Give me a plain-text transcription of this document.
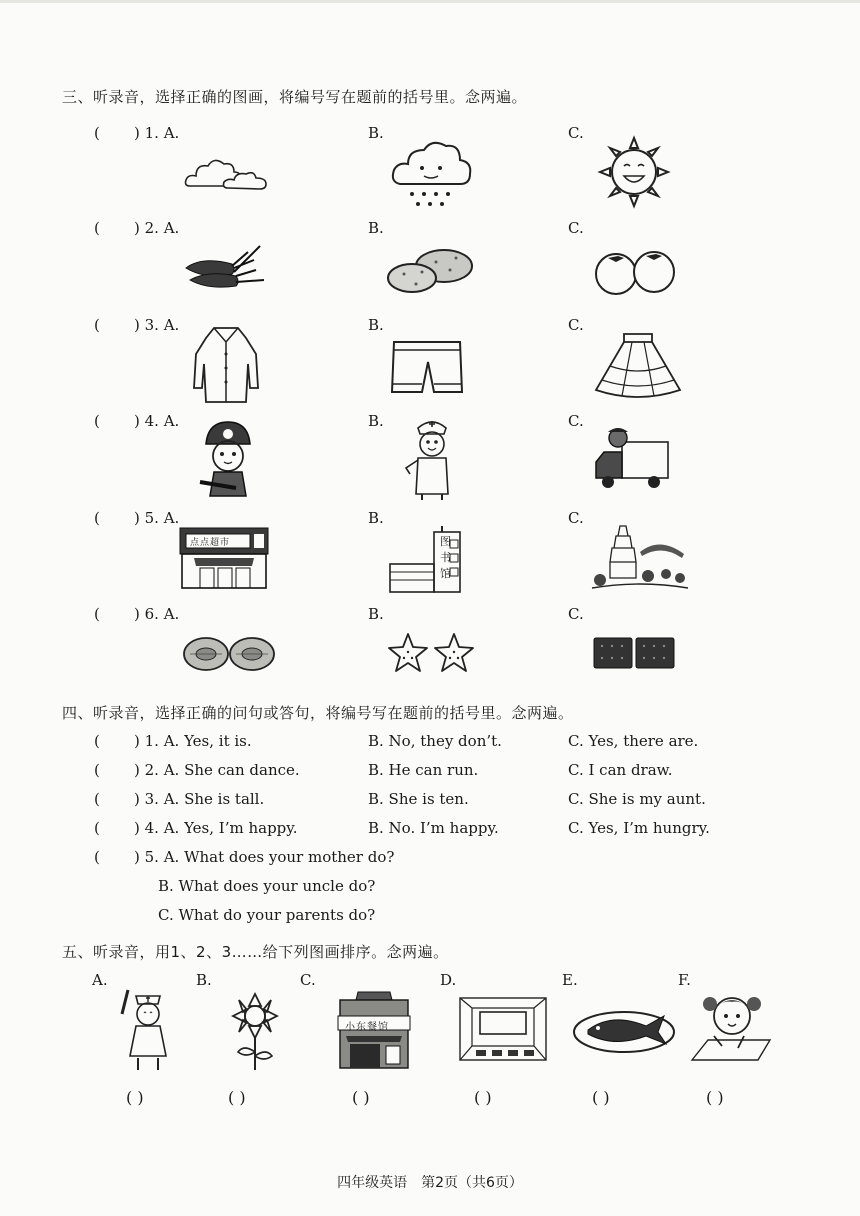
三、听录音，选择正确的图画，将编号写在题前的括号里。念两遍。
( ) 1. A.	B.	C.
( ) 2. A.	B.	C.
( ) 3. A.	B.	C.
( ) 4. A.	B.	C.
( ) 5. A.	B.	C.
( ) 6. A.	B.	C.
点点超市	图
书
馆
四、听录音，选择正确的问句或答句，将编号写在题前的括号里。念两遍。
( ) 1. A. Yes, it is.	B. No, they don’t.	C. Yes, there are.
( ) 2. A. She can dance.	B. He can run.	C. I can draw.
( ) 3. A. She is tall.	B. She is ten.	C. She is my aunt.
( ) 4. A. Yes, I’m happy.	B. No. I’m happy.	C. Yes, I’m hungry.
( ) 5. A. What does your mother do?
B. What does your uncle do?
C. What do your parents do?
五、听录音，用1、2、3……给下列图画排序。念两遍。
A.	B.	C.	D.	E.	F.
小东餐馆
( )	( )	( )	( )	( )	( )
四年级英语　第2页（共6页）
